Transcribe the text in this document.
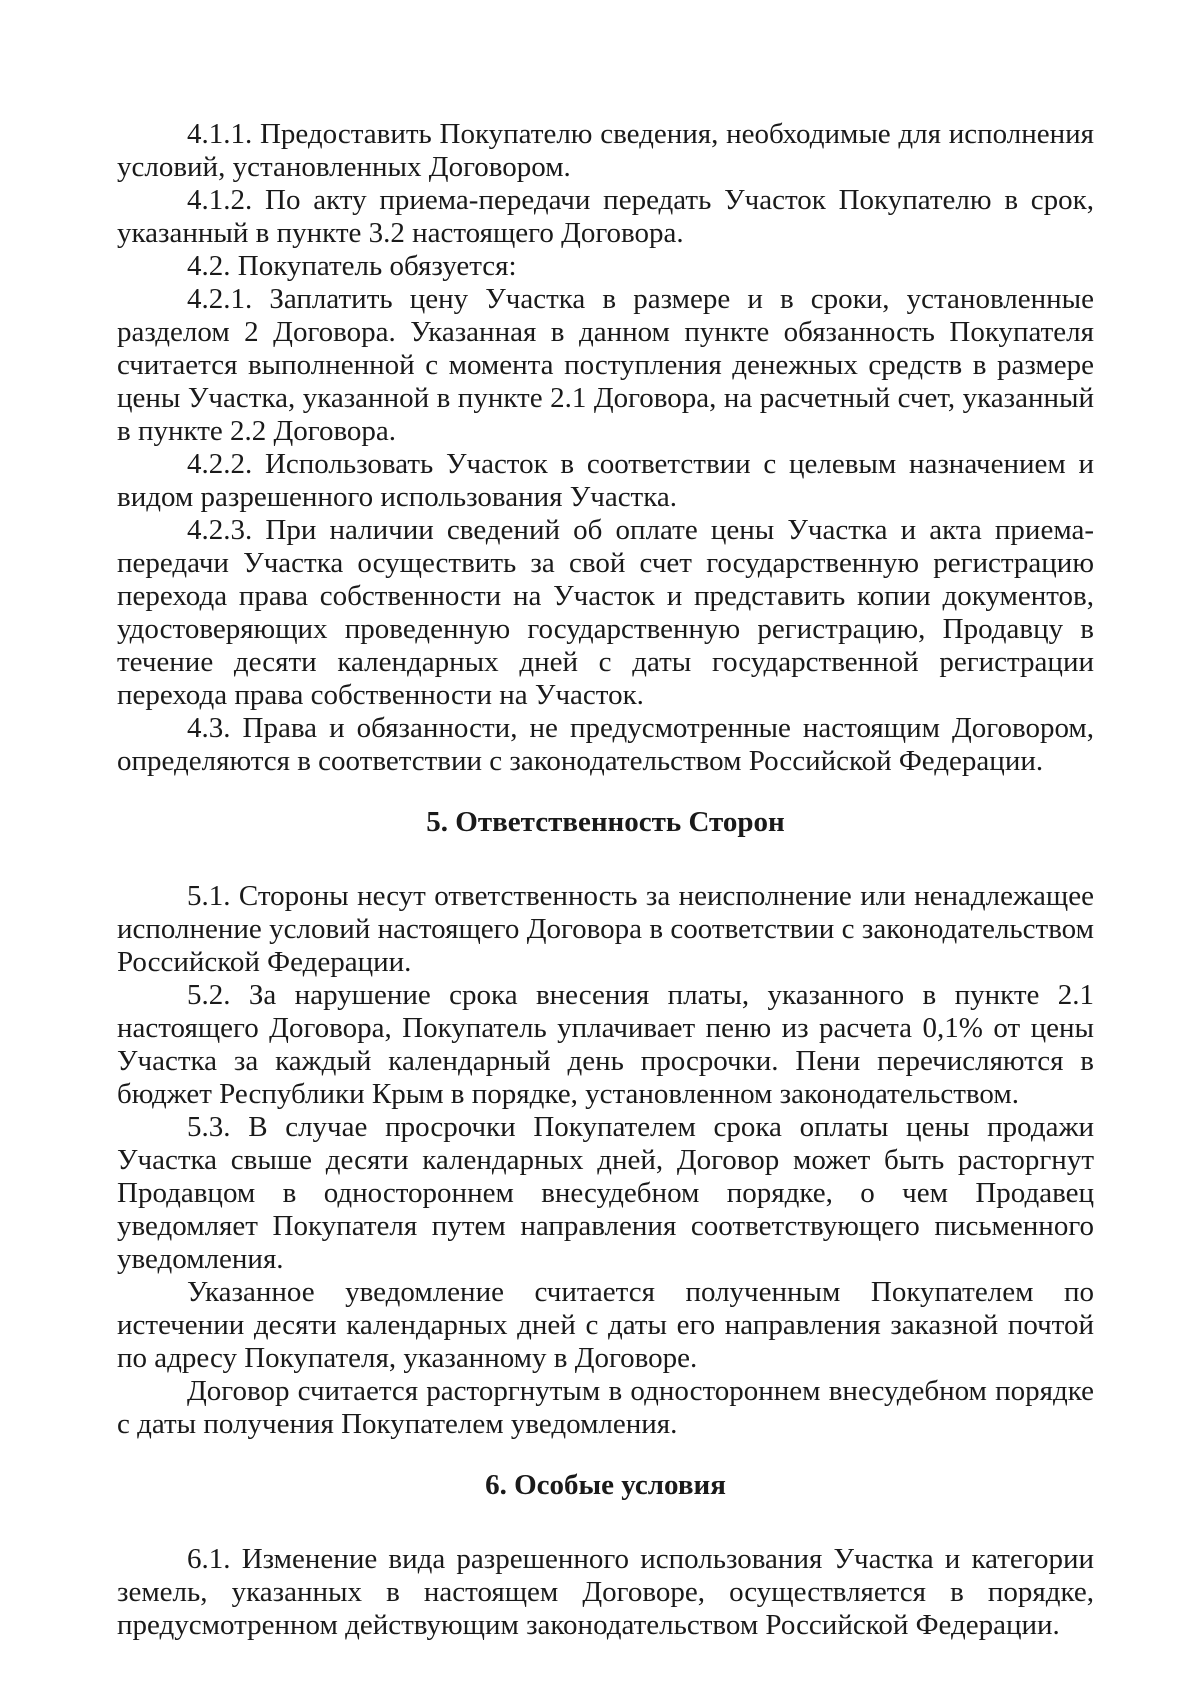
4.1.1. Предоставить Покупателю сведения, необходимые для исполнения условий, установленных Договором.

4.1.2. По акту приема-передачи передать Участок Покупателю в срок, указанный в пункте 3.2 настоящего Договора.

4.2. Покупатель обязуется:

4.2.1. Заплатить цену Участка в размере и в сроки, установленные разделом 2 Договора. Указанная в данном пункте обязанность Покупателя считается выполненной с момента поступления денежных средств в размере цены Участка, указанной в пункте 2.1 Договора, на расчетный счет, указанный в пункте 2.2 Договора.

4.2.2. Использовать Участок в соответствии с целевым назначением и видом разрешенного использования Участка.

4.2.3. При наличии сведений об оплате цены Участка и акта приема-передачи Участка осуществить за свой счет государственную регистрацию перехода права собственности на Участок и представить копии документов, удостоверяющих проведенную государственную регистрацию, Продавцу в течение десяти календарных дней с даты государственной регистрации перехода права собственности на Участок.

4.3. Права и обязанности, не предусмотренные настоящим Договором, определяются в соответствии с законодательством Российской Федерации.

5. Ответственность Сторон

5.1. Стороны несут ответственность за неисполнение или ненадлежащее исполнение условий настоящего Договора в соответствии с законодательством Российской Федерации.

5.2. За нарушение срока внесения платы, указанного в пункте 2.1 настоящего Договора, Покупатель уплачивает пеню из расчета 0,1% от цены Участка за каждый календарный день просрочки. Пени перечисляются в бюджет Республики Крым в порядке, установленном законодательством.

5.3. В случае просрочки Покупателем срока оплаты цены продажи Участка свыше десяти календарных дней, Договор может быть расторгнут Продавцом в одностороннем внесудебном порядке, о чем Продавец уведомляет Покупателя путем направления соответствующего письменного уведомления.

Указанное уведомление считается полученным Покупателем по истечении десяти календарных дней с даты его направления заказной почтой по адресу Покупателя, указанному в Договоре.

Договор считается расторгнутым в одностороннем внесудебном порядке с даты получения Покупателем уведомления.

6. Особые условия

6.1. Изменение вида разрешенного использования Участка и категории земель, указанных в настоящем Договоре, осуществляется в порядке, предусмотренном действующим законодательством Российской Федерации.
